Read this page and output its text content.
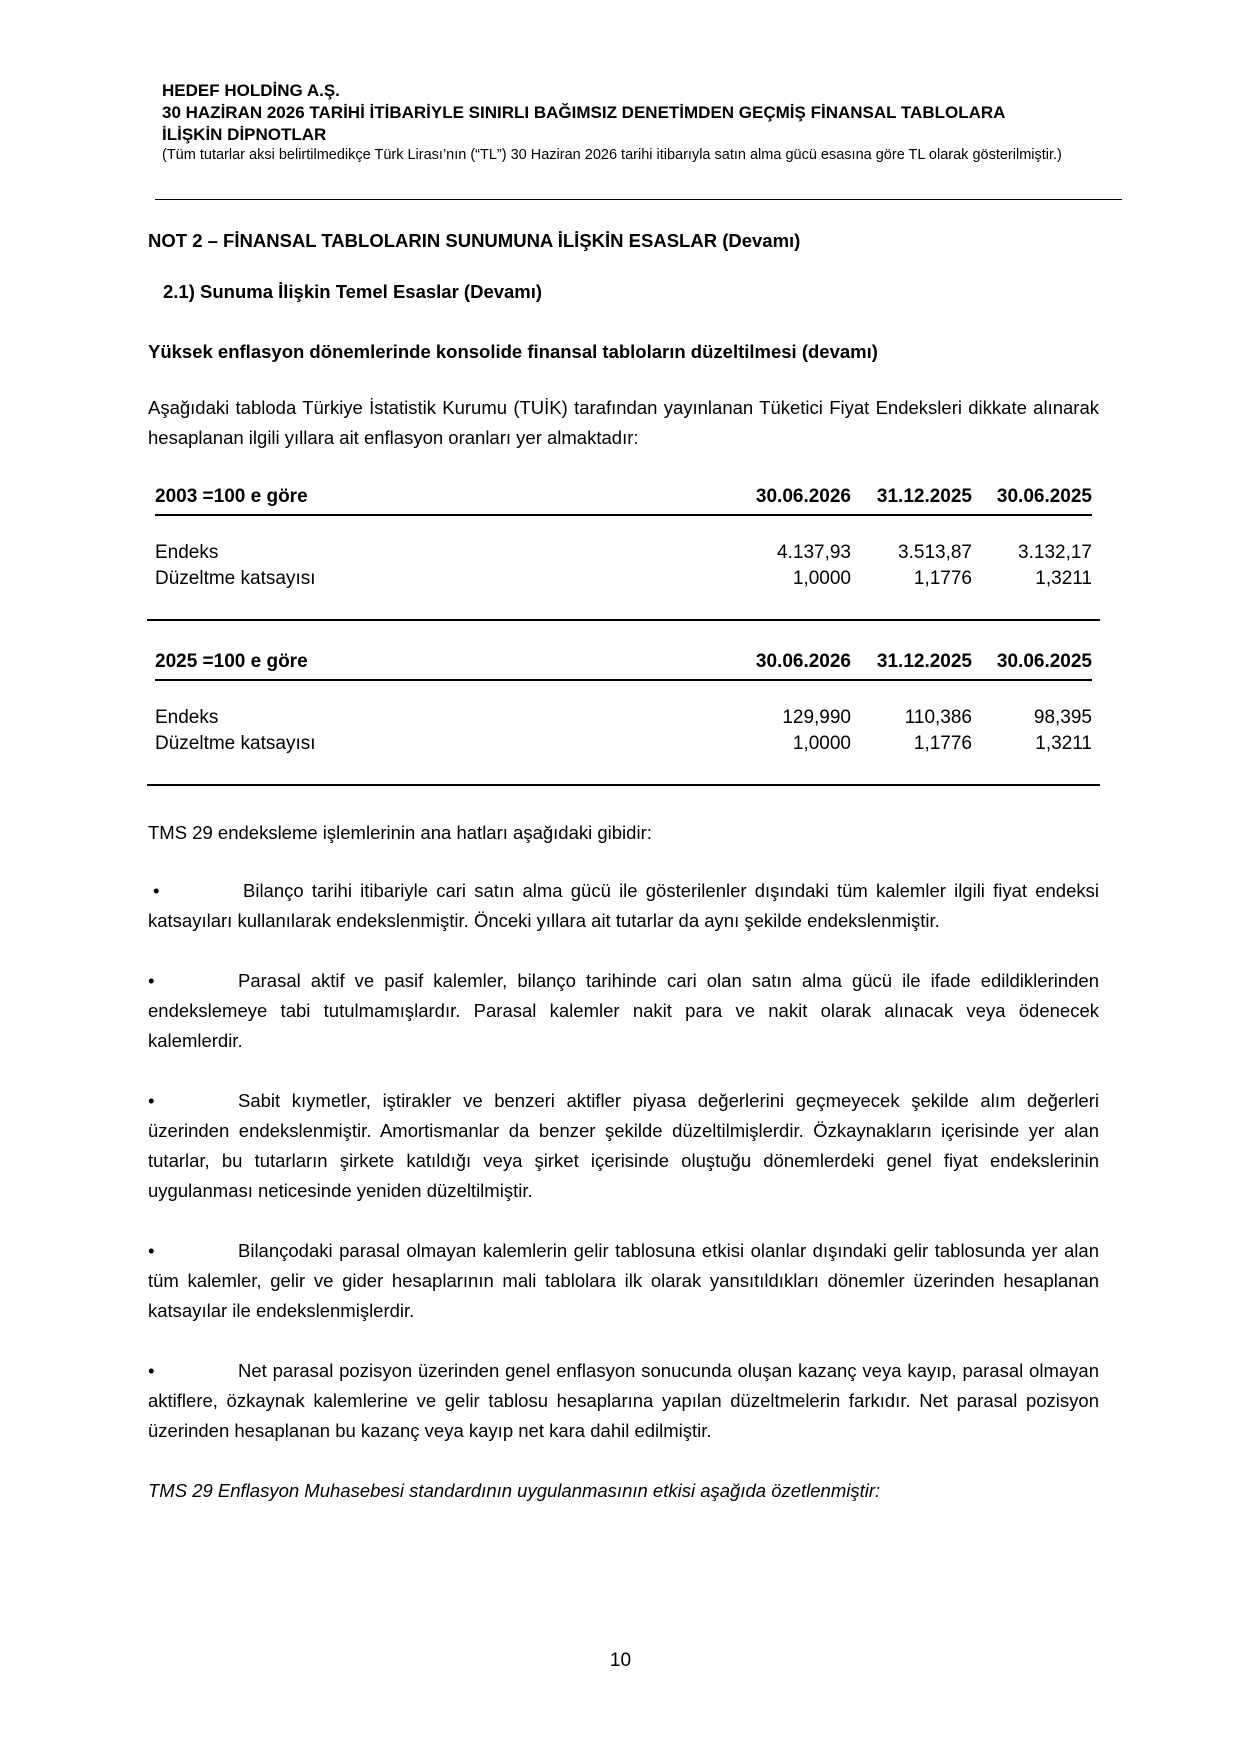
HEDEF HOLDİNG A.Ş.
30 HAZİRAN 2026 TARİHİ İTİBARİYLE SINIRLI BAĞIMSIZ DENETİMDEN GEÇMİŞ FİNANSAL TABLOLARA
İLİŞKİN DİPNOTLAR
(Tüm tutarlar aksi belirtilmedikçe Türk Lirası’nın (“TL”) 30 Haziran 2026 tarihi itibarıyla satın alma gücü esasına göre TL olarak gösterilmiştir.)
NOT 2 – FİNANSAL TABLOLARIN SUNUMUNA İLİŞKİN ESASLAR (Devamı)
2.1) Sunuma İlişkin Temel Esaslar (Devamı)
Yüksek enflasyon dönemlerinde konsolide finansal tabloların düzeltilmesi (devamı)
Aşağıdaki tabloda Türkiye İstatistik Kurumu (TUİK) tarafından yayınlanan Tüketici Fiyat Endeksleri dikkate alınarak hesaplanan ilgili yıllara ait enflasyon oranları yer almaktadır:
2003 =100 e göre	30.06.2026	31.12.2025	30.06.2025
Endeks	4.137,93	3.513,87	3.132,17
Düzeltme katsayısı	1,0000	1,1776	1,3211
2025 =100 e göre	30.06.2026	31.12.2025	30.06.2025
Endeks	129,990	110,386	98,395
Düzeltme katsayısı	1,0000	1,1776	1,3211
TMS 29 endeksleme işlemlerinin ana hatları aşağıdaki gibidir:
•	Bilanço tarihi itibariyle cari satın alma gücü ile gösterilenler dışındaki tüm kalemler ilgili fiyat endeksi katsayıları kullanılarak endekslenmiştir. Önceki yıllara ait tutarlar da aynı şekilde endekslenmiştir.
•	Parasal aktif ve pasif kalemler, bilanço tarihinde cari olan satın alma gücü ile ifade edildiklerinden endekslemeye tabi tutulmamışlardır. Parasal kalemler nakit para ve nakit olarak alınacak veya ödenecek kalemlerdir.
•	Sabit kıymetler, iştirakler ve benzeri aktifler piyasa değerlerini geçmeyecek şekilde alım değerleri üzerinden endekslenmiştir. Amortismanlar da benzer şekilde düzeltilmişlerdir. Özkaynakların içerisinde yer alan tutarlar, bu tutarların şirkete katıldığı veya şirket içerisinde oluştuğu dönemlerdeki genel fiyat endekslerinin uygulanması neticesinde yeniden düzeltilmiştir.
•	Bilançodaki parasal olmayan kalemlerin gelir tablosuna etkisi olanlar dışındaki gelir tablosunda yer alan tüm kalemler, gelir ve gider hesaplarının mali tablolara ilk olarak yansıtıldıkları dönemler üzerinden hesaplanan katsayılar ile endekslenmişlerdir.
•	Net parasal pozisyon üzerinden genel enflasyon sonucunda oluşan kazanç veya kayıp, parasal olmayan aktiflere, özkaynak kalemlerine ve gelir tablosu hesaplarına yapılan düzeltmelerin farkıdır. Net parasal pozisyon üzerinden hesaplanan bu kazanç veya kayıp net kara dahil edilmiştir.
TMS 29 Enflasyon Muhasebesi standardının uygulanmasının etkisi aşağıda özetlenmiştir:
10
